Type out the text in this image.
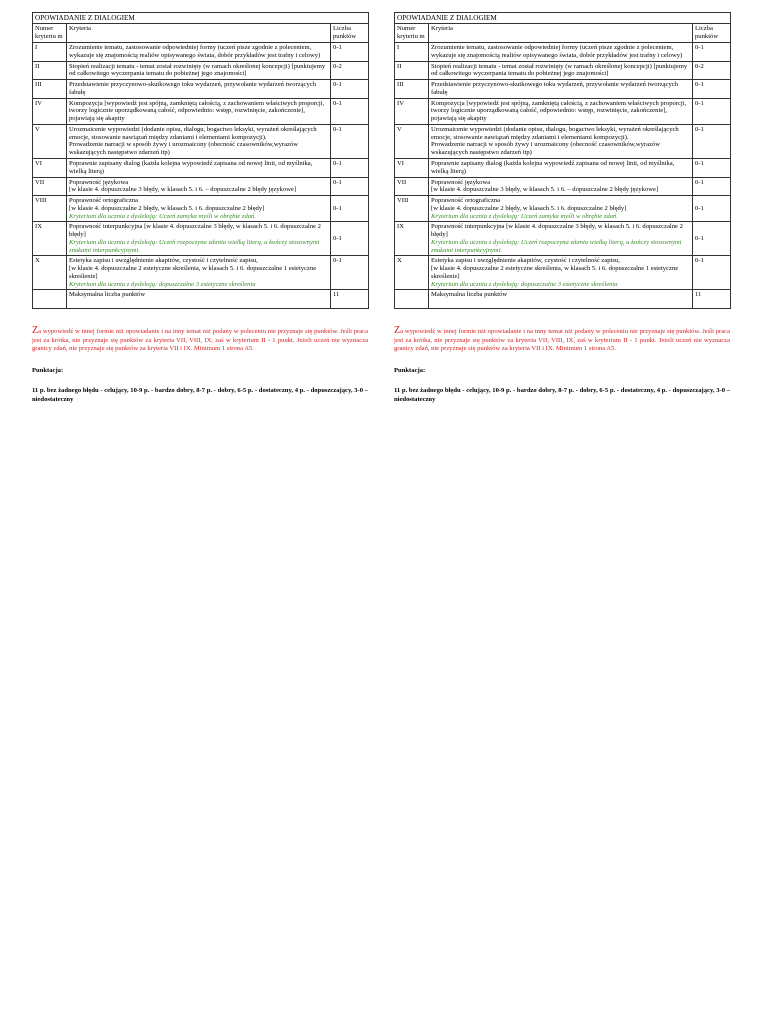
OPOWIADANIE Z DIALOGIEM		
Numer kryteriu m	Kryteria	Liczba punktów
I	Zrozumienie tematu, zastosowanie odpowiedniej formy (uczeń pisze zgodnie z poleceniem, wykazuje się znajomością realiów opisywanego świata, dobór przykładów jest trafny i celowy)	0-1
II	Stopień realizacji tematu - temat został rozwinięty (w ramach określonej koncepcji) [punktujemy od całkowitego wyczerpania tematu do pobieżnej jego znajomości]	0-2
III	Przedstawienie przyczynowo-skutkowego toku wydarzeń, przywołanie wydarzeń tworzących fabułę	0-1
IV	Kompozycja [wypowiedź jest spójną, zamkniętą całością, z zachowaniem właściwych proporcji, tworzy logicznie uporządkowaną całość, odpowiednio: wstęp, rozwinięcie, zakończenie], pojawiają się akapity	0-1
V	Urozmaicenie wypowiedzi (dodanie opisu, dialogu, bogactwo leksyki, wyrażeń określających emocje, stosowanie nawiązań między zdaniami i elementami kompozycji).
Prowadzenie narracji w sposób żywy i urozmaicony (obecność czasowników,wyrazów wskazujących następstwo zdarzeń itp)	0-1
VI	Poprawnie zapisany dialog (każda kolejna wypowiedź zapisana od nowej linii, od myślnika, wielką literą)	0-1
VII	Poprawność językowa
[w klasie 4. dopuszczalne 3 błędy, w klasach 5. i 6. – dopuszczalne 2 błędy językowe]	0-1
VIII	Poprawność ortograficzna
[w klasie 4. dopuszczalne 2 błędy, w klasach 5. i 6. dopuszczalne 2 błędy]
Kryterium dla ucznia z dysleksją: Uczeń zamyka myśli w obrębie zdań.	0-1
IX	Poprawność interpunkcyjna [w klasie 4. dopuszczalne 3 błędy, w klasach 5. i 6. dopuszczalne 2 błędy]
Kryterium dla ucznia z dysleksją: Uczeń rozpoczyna zdania wielką literą, a kończy stosownymi znakami interpunkcyjnymi.	0-1
X	Estetyka zapisu i uwzględnienie akapitów, czystość i czytelność zapisu,
[w klasie 4. dopuszczalne 2 estetyczne skreślenia, w klasach 5. i 6. dopuszczalne 1 estetyczne skreślenie]
Kryterium dla ucznia z dysleksją: dopuszczalne 3 estetyczne skreślenia	0-1
	Maksymalna liczba punktów	11
Za wypowiedź w innej formie niż opowiadanie i na inny temat niż podany w poleceniu nie przyznaje się punktów. Jeśli praca jest za krótka, nie przyznaje się punktów za kryteria VII, VIII, IX, zaś w kryterium II - 1 punkt. Jeżeli uczeń nie wyznacza granicy zdań, nie przyznaje się punktów za kryteria VII i IX. Minimum 1 strona A5.
Punktacja:
11 p. bez żadnego błędu - celujący, 10-9 p. - bardzo dobry, 8-7 p. - dobry, 6-5 p. - dostateczny, 4 p. - dopuszczający, 3-0 – niedostateczny
OPOWIADANIE Z DIALOGIEM		
Numer kryteriu m	Kryteria	Liczba punktów
I	Zrozumienie tematu, zastosowanie odpowiedniej formy (uczeń pisze zgodnie z poleceniem, wykazuje się znajomością realiów opisywanego świata, dobór przykładów jest trafny i celowy)	0-1
II	Stopień realizacji tematu - temat został rozwinięty (w ramach określonej koncepcji) [punktujemy od całkowitego wyczerpania tematu do pobieżnej jego znajomości]	0-2
III	Przedstawienie przyczynowo-skutkowego toku wydarzeń, przywołanie wydarzeń tworzących fabułę	0-1
IV	Kompozycja [wypowiedź jest spójną, zamkniętą całością, z zachowaniem właściwych proporcji, tworzy logicznie uporządkowaną całość, odpowiednio: wstęp, rozwinięcie, zakończenie], pojawiają się akapity	0-1
V	Urozmaicenie wypowiedzi (dodanie opisu, dialogu, bogactwo leksyki, wyrażeń określających emocje, stosowanie nawiązań między zdaniami i elementami kompozycji).
Prowadzenie narracji w sposób żywy i urozmaicony (obecność czasowników,wyrazów wskazujących następstwo zdarzeń itp)	0-1
VI	Poprawnie zapisany dialog (każda kolejna wypowiedź zapisana od nowej linii, od myślnika, wielką literą)	0-1
VII	Poprawność językowa
[w klasie 4. dopuszczalne 3 błędy, w klasach 5. i 6. – dopuszczalne 2 błędy językowe]	0-1
VIII	Poprawność ortograficzna
[w klasie 4. dopuszczalne 2 błędy, w klasach 5. i 6. dopuszczalne 2 błędy]
Kryterium dla ucznia z dysleksją: Uczeń zamyka myśli w obrębie zdań.	0-1
IX	Poprawność interpunkcyjna [w klasie 4. dopuszczalne 3 błędy, w klasach 5. i 6. dopuszczalne 2 błędy]
Kryterium dla ucznia z dysleksją: Uczeń rozpoczyna zdania wielką literą, a kończy stosownymi znakami interpunkcyjnymi.	0-1
X	Estetyka zapisu i uwzględnienie akapitów, czystość i czytelność zapisu,
[w klasie 4. dopuszczalne 2 estetyczne skreślenia, w klasach 5. i 6. dopuszczalne 1 estetyczne skreślenie]
Kryterium dla ucznia z dysleksją: dopuszczalne 3 estetyczne skreślenia	0-1
	Maksymalna liczba punktów	11
Za wypowiedź w innej formie niż opowiadanie i na inny temat niż podany w poleceniu nie przyznaje się punktów. Jeśli praca jest za krótka, nie przyznaje się punktów za kryteria VII, VIII, IX, zaś w kryterium II - 1 punkt. Jeżeli uczeń nie wyznacza granicy zdań, nie przyznaje się punktów za kryteria VII i IX. Minimum 1 strona A5.
Punktacja:
11 p. bez żadnego błędu - celujący, 10-9 p. - bardzo dobry, 8-7 p. - dobry, 6-5 p. - dostateczny, 4 p. - dopuszczający, 3-0 – niedostateczny
